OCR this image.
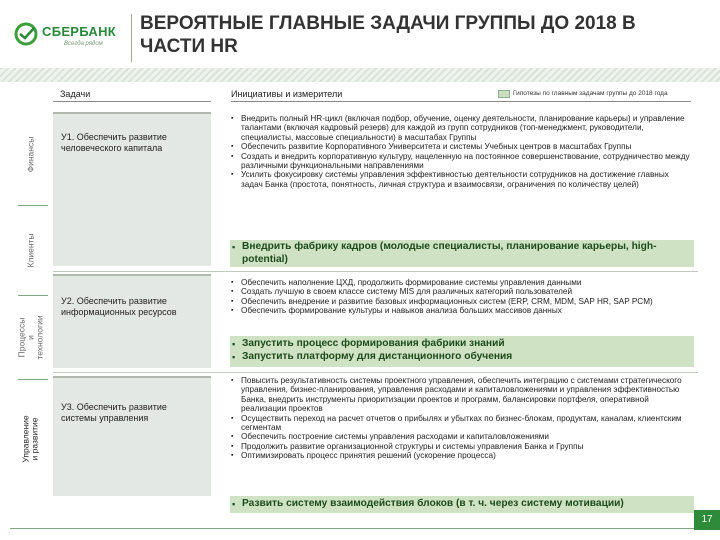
СБЕРБАНК
Всегда рядом
ВЕРОЯТНЫЕ ГЛАВНЫЕ ЗАДАЧИ ГРУППЫ ДО 2018 В ЧАСТИ HR
Задачи	Инициативы и измерители	Гипотезы по главным задачам группы до 2018 года
Финансы
Клиенты
Процессы и технологии
Управление и развитие
У1. Обеспечить развитие человеческого капитала
▪ Внедрить полный HR-цикл (включая подбор, обучение, оценку деятельности, планирование карьеры) и управление талантами (включая кадровый резерв) для каждой из групп сотрудников (топ-менеджмент, руководители, специалисты, массовые специальности) в масштабах Группы
▪ Обеспечить развитие Корпоративного Университета и системы Учебных центров в масштабах Группы
▪ Создать и внедрить корпоративную культуру, нацеленную на постоянное совершенствование, сотрудничество между различными функциональными направлениями
▪ Усилить фокусировку системы управления эффективностью деятельности сотрудников на достижение главных задач Банка (простота, понятность, личная структура и взаимосвязи, ограничения по количеству целей)
▪ Внедрить фабрику кадров (молодые специалисты, планирование карьеры, high-potential)
У2. Обеспечить развитие информационных ресурсов
▪ Обеспечить наполнение ЦХД, продолжить формирование системы управления данными
▪ Создать лучшую в своем классе систему MIS для различных категорий пользователей
▪ Обеспечить внедрение и развитие базовых информационных систем (ERP, CRM, MDM, SAP HR, SAP PCM)
▪ Обеспечить формирование культуры и навыков анализа больших массивов данных
▪ Запустить процесс формирования фабрики знаний
▪ Запустить платформу для дистанционного обучения
У3. Обеспечить развитие системы управления
▪ Повысить результативность системы проектного управления, обеспечить интеграцию с системами стратегического управления, бизнес-планирования, управления расходами и капиталовложениями и управления эффективностью Банка, внедрить инструменты приоритизации проектов и программ, балансировки портфеля, оперативной реализации проектов
▪ Осуществить переход на расчет отчетов о прибылях и убытках по бизнес-блокам, продуктам, каналам, клиентским сегментам
▪ Обеспечить построение системы управления расходами и капиталовложениями
▪ Продолжить развитие организационной структуры и системы управления Банка и Группы
▪ Оптимизировать процесс принятия решений (ускорение процесса)
▪ Развить систему взаимодействия блоков (в т. ч. через систему мотивации)
17
